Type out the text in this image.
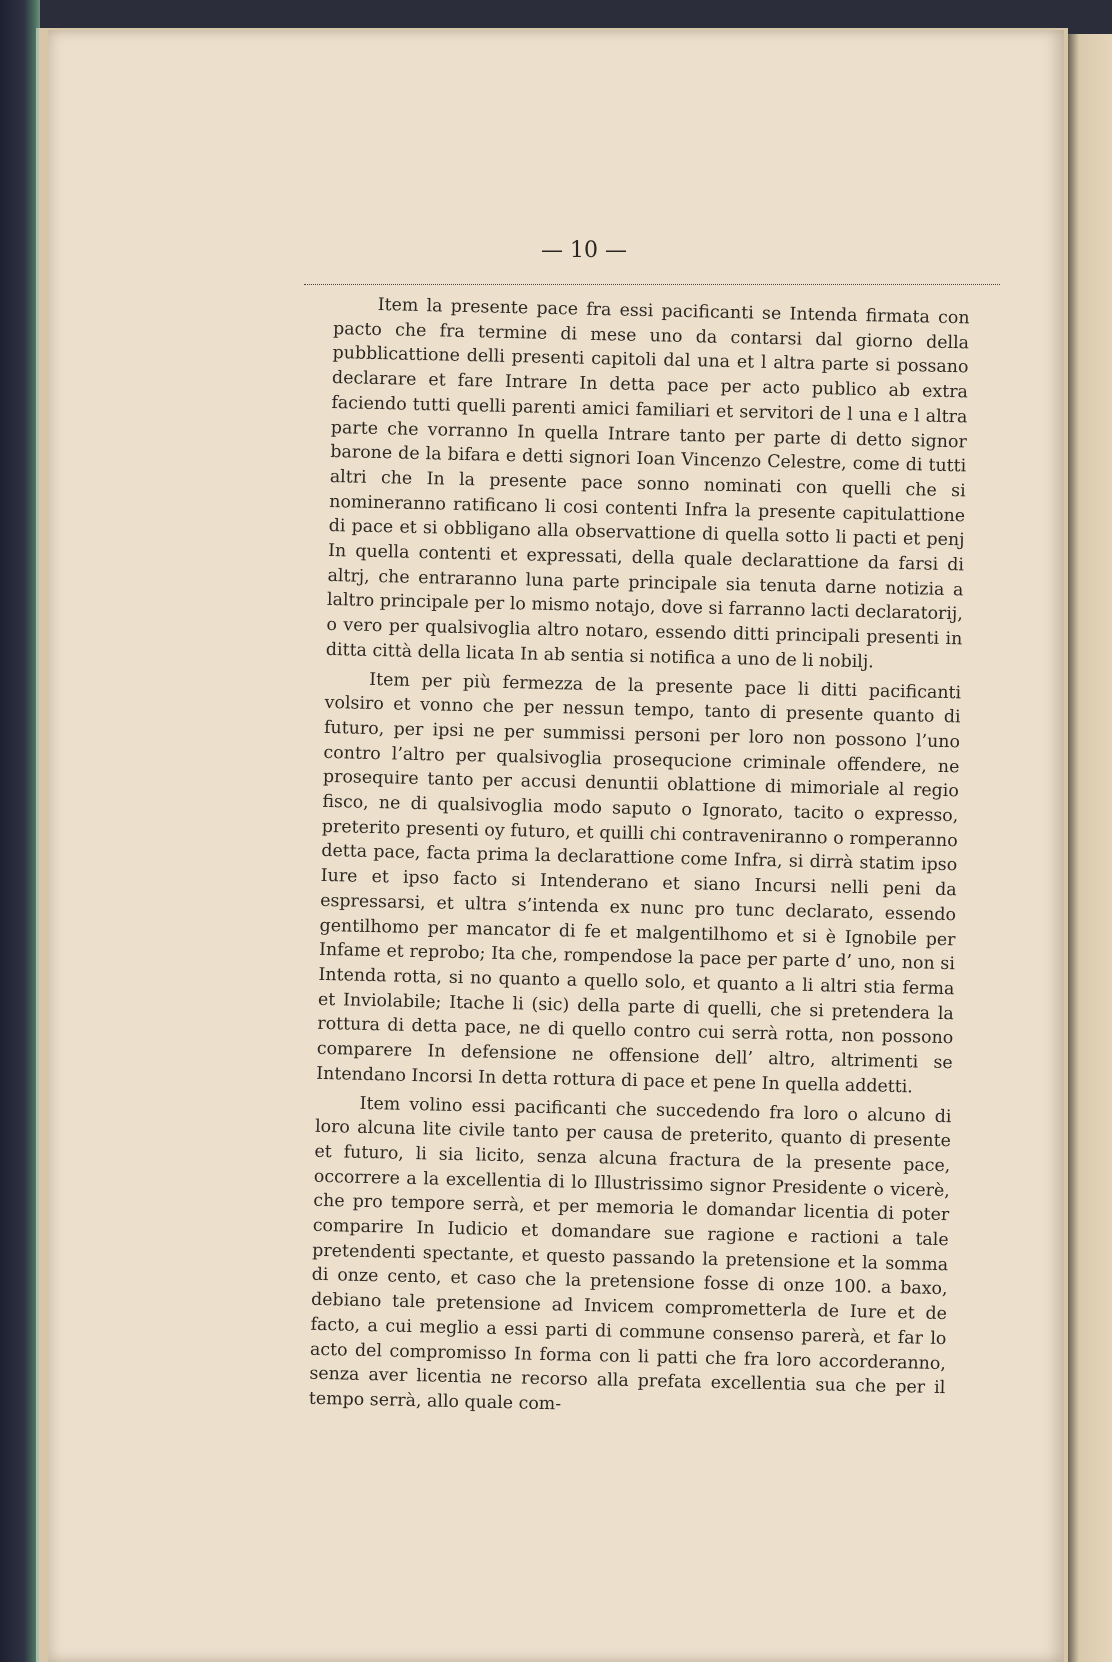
— 10 —

Item la presente pace fra essi pacificanti se Intenda firmata con pacto che fra termine di mese uno da contarsi dal giorno della pubblicattione delli presenti capitoli dal una et l altra parte si possano declarare et fare Intrare In detta pace per acto publico ab extra faciendo tutti quelli parenti amici familiari et servitori de l una e l altra parte che vorranno In quella Intrare tanto per parte di detto signor barone de la bifara e detti signori Ioan Vincenzo Celestre, come di tutti altri che In la presente pace sonno nominati con quelli che si nomineranno ratificano li cosi contenti Infra la presente capitulattione di pace et si obbligano alla observattione di quella sotto li pacti et penj In quella contenti et expressati, della quale declarattione da farsi di altrj, che entraranno luna parte principale sia tenuta darne notizia a laltro principale per lo mismo notajo, dove si farranno lacti declaratorij, o vero per qualsivoglia altro notaro, essendo ditti principali presenti in ditta città della licata In ab sentia si notifica a uno de li nobilj.

Item per più fermezza de la presente pace li ditti pacificanti volsiro et vonno che per nessun tempo, tanto di presente quanto di futuro, per ipsi ne per summissi personi per loro non possono l’uno contro l’altro per qualsivoglia prosequcione criminale offendere, ne prosequire tanto per accusi denuntii oblattione di mimoriale al regio fisco, ne di qualsivoglia modo saputo o Ignorato, tacito o expresso, preterito presenti oy futuro, et quilli chi contraveniranno o romperanno detta pace, facta prima la declarattione come Infra, si dirrà statim ipso Iure et ipso facto si Intenderano et siano Incursi nelli peni da espressarsi, et ultra s’intenda ex nunc pro tunc declarato, essendo gentilhomo per mancator di fe et malgentilhomo et si è Ignobile per Infame et reprobo; Ita che, rompendose la pace per parte d’ uno, non si Intenda rotta, si no quanto a quello solo, et quanto a li altri stia ferma et Inviolabile; Itache li (sic) della parte di quelli, che si pretendera la rottura di detta pace, ne di quello contro cui serrà rotta, non possono comparere In defensione ne offensione dell’ altro, altrimenti se Intendano Incorsi In detta rottura di pace et pene In quella addetti.

Item volino essi pacificanti che succedendo fra loro o alcuno di loro alcuna lite civile tanto per causa de preterito, quanto di presente et futuro, li sia licito, senza alcuna fractura de la presente pace, occorrere a la excellentia di lo Illustrissimo signor Presidente o vicerè, che pro tempore serrà, et per memoria le domandar licentia di poter comparire In Iudicio et domandare sue ragione e ractioni a tale pretendenti spectante, et questo passando la pretensione et la somma di onze cento, et caso che la pretensione fosse di onze 100. a baxo, debiano tale pretensione ad Invicem comprometterla de Iure et de facto, a cui meglio a essi parti di commune consenso parerà, et far lo acto del compromisso In forma con li patti che fra loro accorderanno, senza aver licentia ne recorso alla prefata excellentia sua che per il tempo serrà, allo quale com-
